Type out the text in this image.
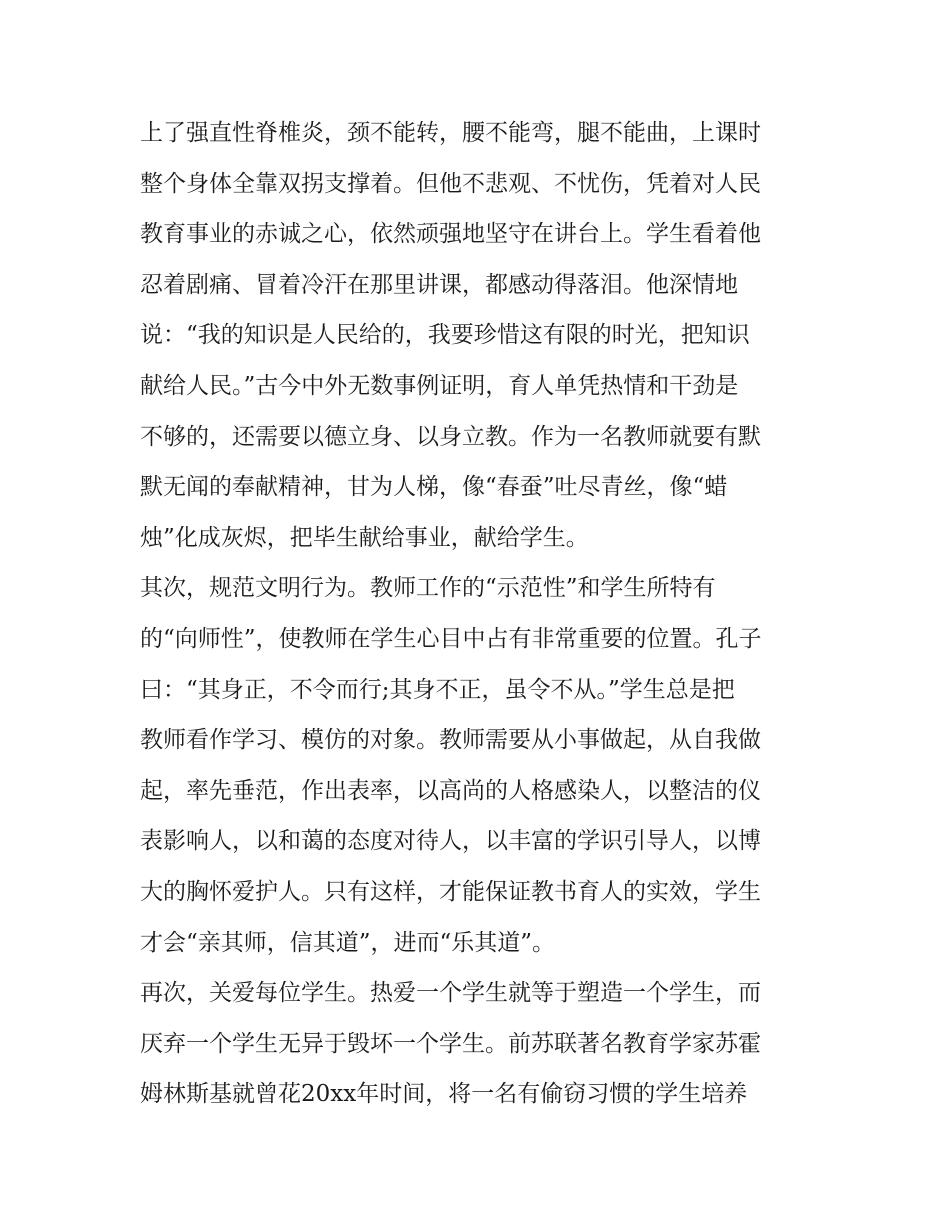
上了强直性脊椎炎，颈不能转，腰不能弯，腿不能曲，上课时
整个身体全靠双拐支撑着。但他不悲观、不忧伤，凭着对人民
教育事业的赤诚之心，依然顽强地坚守在讲台上。学生看着他
忍着剧痛、冒着冷汗在那里讲课，都感动得落泪。他深情地
说：“我的知识是人民给的，我要珍惜这有限的时光，把知识
献给人民。”古今中外无数事例证明，育人单凭热情和干劲是
不够的，还需要以德立身、以身立教。作为一名教师就要有默
默无闻的奉献精神，甘为人梯，像“春蚕”吐尽青丝，像“蜡
烛”化成灰烬，把毕生献给事业，献给学生。
其次，规范文明行为。教师工作的“示范性”和学生所特有
的“向师性”，使教师在学生心目中占有非常重要的位置。孔子
曰：“其身正，不令而行;其身不正，虽令不从。”学生总是把
教师看作学习、模仿的对象。教师需要从小事做起，从自我做
起，率先垂范，作出表率，以高尚的人格感染人，以整洁的仪
表影响人，以和蔼的态度对待人，以丰富的学识引导人，以博
大的胸怀爱护人。只有这样，才能保证教书育人的实效，学生
才会“亲其师，信其道”，进而“乐其道”。
再次，关爱每位学生。热爱一个学生就等于塑造一个学生，而
厌弃一个学生无异于毁坏一个学生。前苏联著名教育学家苏霍
姆林斯基就曾花20xx年时间，将一名有偷窃习惯的学生培养
